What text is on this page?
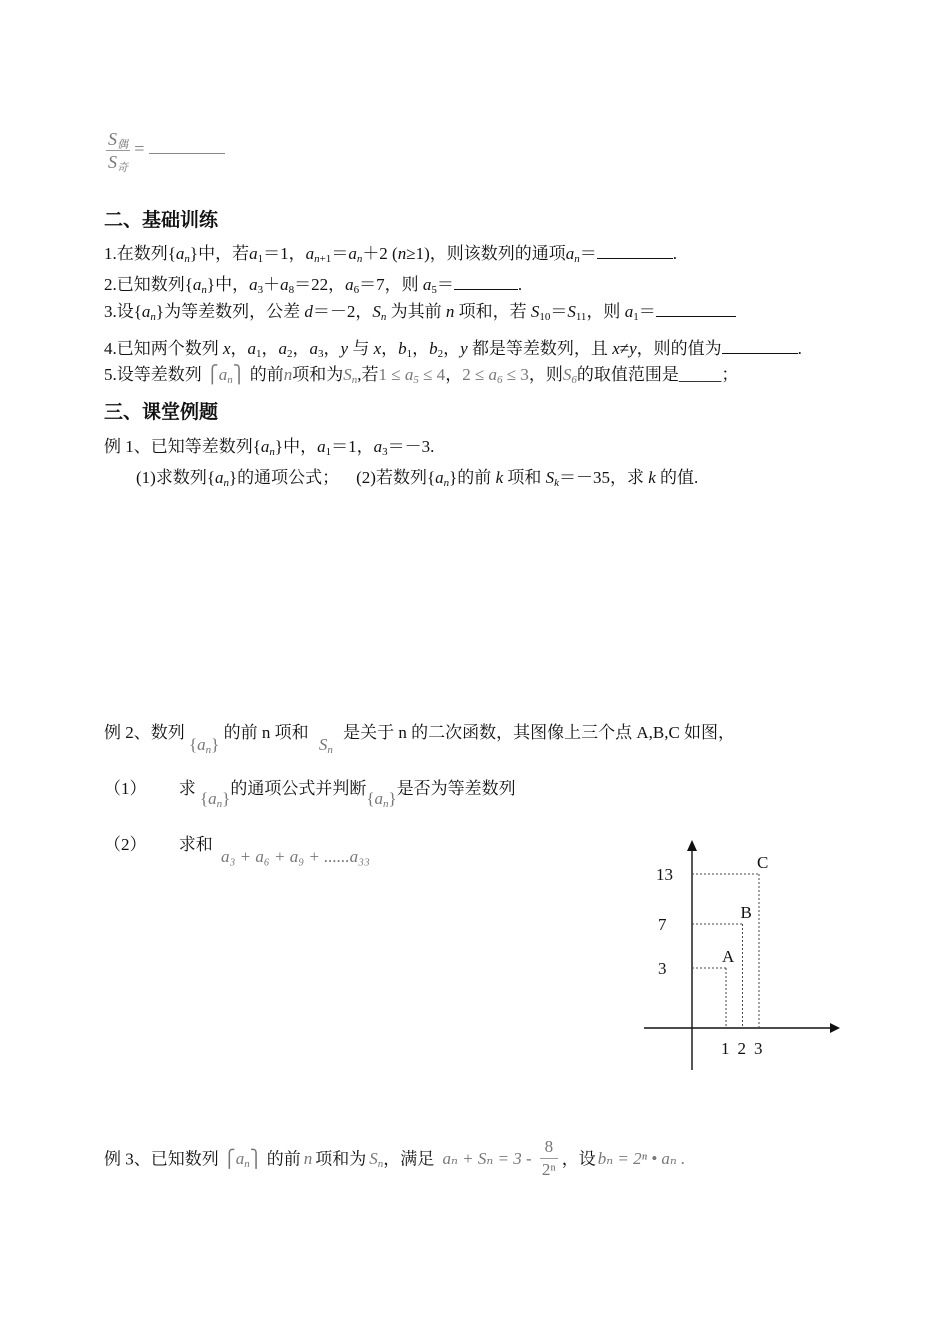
$\frac{S_偶}{S_奇}$ =
二、基础训练
1.在数列$\{a_n\}$中，若$a_1=1$，$a_{n+1}=a_n+2$ (n≥1)，则该数列的通项$a_n=$	.
2.已知数列$\{a_n\}$中，$a_3+a_8=22$，$a_6=7$，则 $a_5=$	.
3.设$\{a_n\}$为等差数列，公差 d＝－2，$S_n$ 为其前 n 项和，若 $S_{10}=S_{11}$，则 $a_1=$
4.已知两个数列 x，$a_1$，$a_2$，$a_3$，y 与 x，$b_1$，$b_2$，y 都是等差数列，且 x≠y，则的值为	.
5.设等差数列 $⎧a_n⎫$ 的前n项和为$S_n$,若$1 \le a_5 \le 4$，$2 \le a_6 \le 3$，则$S_6$的取值范围是_____；
三、课堂例题
例 1、已知等差数列$\{a_n\}$中，$a_1=1$，$a_3=-3$.
(1)求数列$\{a_n\}$的通项公式；    (2)若数列$\{a_n\}$的前 k 项和 $S_k=-35$，求 k 的值.
例 2、数列 $\{a_n\}$ 的前 n 项和 $S_n$ 是关于 n 的二次函数，其图像上三个点 A,B,C 如图，
（1） 求 $\{a_n\}$的通项公式并判断$\{a_n\}$是否为等差数列
（2） 求和 a₃ + a₆ + a₉ + ......a₃₃
A
1
B
2
C
3
13
7
3
例 3、已知数列 $⎧a_n⎫$ 的前 n 项和为 $S_n$，满足 $a_n + S_n = 3 - \frac{8}{\text{2ⁿ}}$ ，设 bₙ = 2ⁿ • aₙ .
